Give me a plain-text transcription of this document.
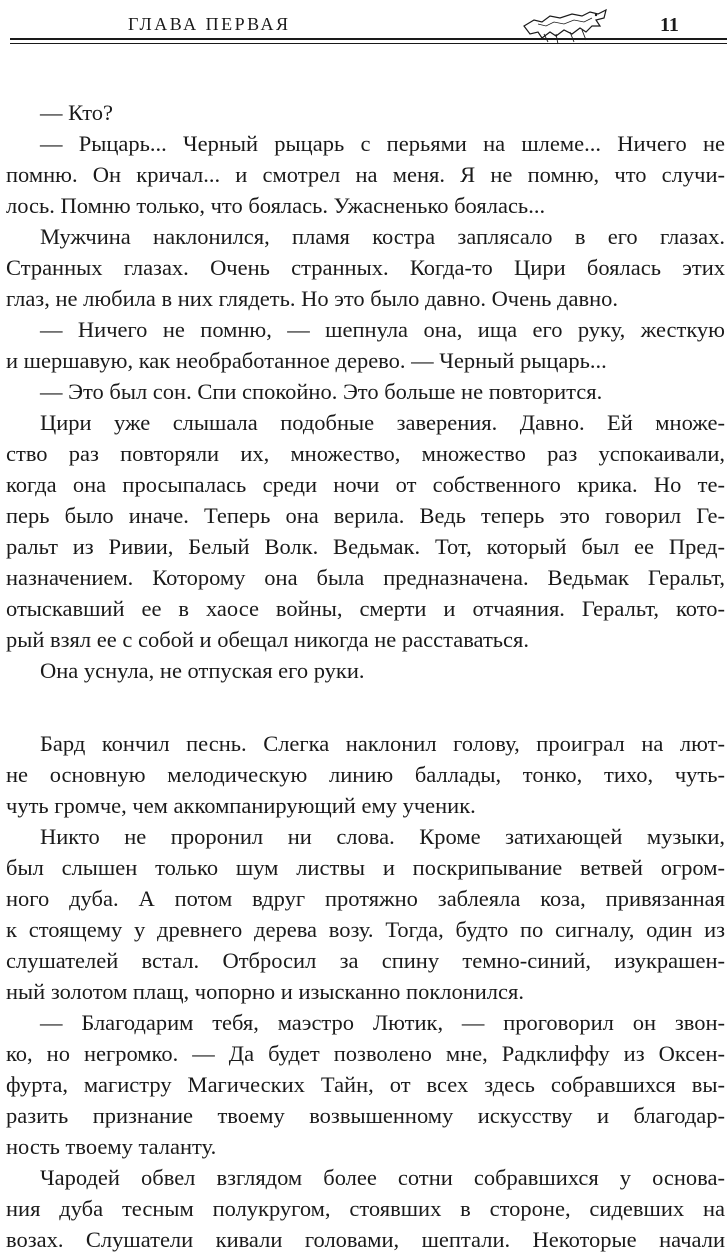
ГЛАВА ПЕРВАЯ	11
— Кто?
— Рыцарь... Черный рыцарь с перьями на шлеме... Ничего не
помню. Он кричал... и смотрел на меня. Я не помню, что случи-
лось. Помню только, что боялась. Ужасненько боялась...
Мужчина наклонился, пламя костра заплясало в его глазах.
Странных глазах. Очень странных. Когда-то Цири боялась этих
глаз, не любила в них глядеть. Но это было давно. Очень давно.
— Ничего не помню, — шепнула она, ища его руку, жесткую
и шершавую, как необработанное дерево. — Черный рыцарь...
— Это был сон. Спи спокойно. Это больше не повторится.
Цири уже слышала подобные заверения. Давно. Ей множе-
ство раз повторяли их, множество, множество раз успокаивали,
когда она просыпалась среди ночи от собственного крика. Но те-
перь было иначе. Теперь она верила. Ведь теперь это говорил Ге-
ральт из Ривии, Белый Волк. Ведьмак. Тот, который был ее Пред-
назначением. Которому она была предназначена. Ведьмак Геральт,
отыскавший ее в хаосе войны, смерти и отчаяния. Геральт, кото-
рый взял ее с собой и обещал никогда не расставаться.
Она уснула, не отпуская его руки.
Бард кончил песнь. Слегка наклонил голову, проиграл на лют-
не основную мелодическую линию баллады, тонко, тихо, чуть-
чуть громче, чем аккомпанирующий ему ученик.
Никто не проронил ни слова. Кроме затихающей музыки,
был слышен только шум листвы и поскрипывание ветвей огром-
ного дуба. А потом вдруг протяжно заблеяла коза, привязанная
к стоящему у древнего дерева возу. Тогда, будто по сигналу, один из
слушателей встал. Отбросил за спину темно-синий, изукрашен-
ный золотом плащ, чопорно и изысканно поклонился.
— Благодарим тебя, маэстро Лютик, — проговорил он звон-
ко, но негромко. — Да будет позволено мне, Радклиффу из Оксен-
фурта, магистру Магических Тайн, от всех здесь собравшихся вы-
разить признание твоему возвышенному искусству и благодар-
ность твоему таланту.
Чародей обвел взглядом более сотни собравшихся у основа-
ния дуба тесным полукругом, стоявших в стороне, сидевших на
возах. Слушатели кивали головами, шептали. Некоторые начали
